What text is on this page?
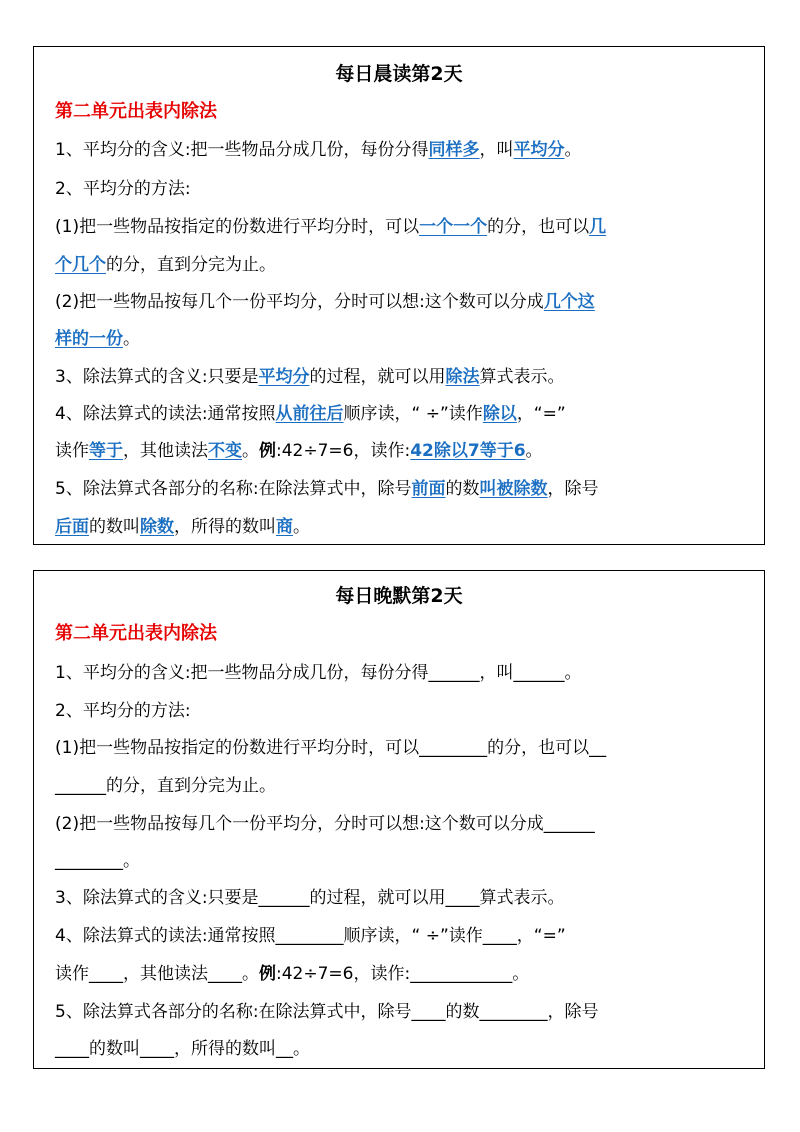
每日晨读第2天
第二单元出表内除法
1、平均分的含义:把一些物品分成几份，每份分得同样多，叫平均分。
2、平均分的方法:
(1)把一些物品按指定的份数进行平均分时，可以一个一个的分，也可以几
个几个的分，直到分完为止。
(2)把一些物品按每几个一份平均分，分时可以想:这个数可以分成几个这
样的一份。
3、除法算式的含义:只要是平均分的过程，就可以用除法算式表示。
4、除法算式的读法:通常按照从前往后顺序读，“ ÷”读作除以，“=”
读作等于，其他读法不变。例:42÷7=6，读作:42除以7等于6。
5、除法算式各部分的名称:在除法算式中，除号前面的数叫被除数，除号
后面的数叫除数，所得的数叫商。
每日晚默第2天
第二单元出表内除法
1、平均分的含义:把一些物品分成几份，每份分得______，叫______。
2、平均分的方法:
(1)把一些物品按指定的份数进行平均分时，可以________的分，也可以__
______的分，直到分完为止。
(2)把一些物品按每几个一份平均分，分时可以想:这个数可以分成______
________。
3、除法算式的含义:只要是______的过程，就可以用____算式表示。
4、除法算式的读法:通常按照________顺序读，“ ÷”读作____，“=”
读作____，其他读法____。例:42÷7=6，读作:____________。
5、除法算式各部分的名称:在除法算式中，除号____的数________，除号
____的数叫____，所得的数叫__。
